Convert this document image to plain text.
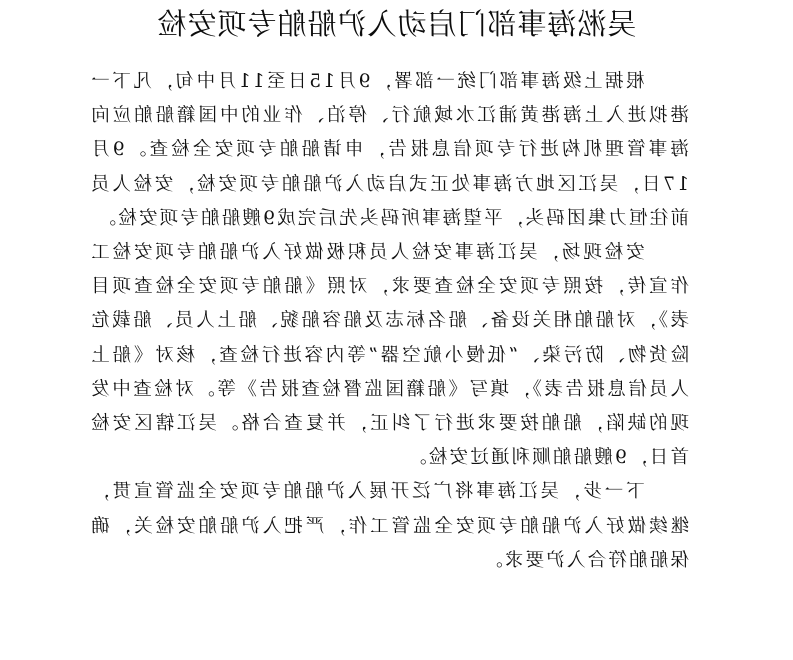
吴淞海事部门启动入沪船舶专项安检

根据上级海事部门统一部署，9月15日至11月中旬，凡下一港拟进入上海港黄浦江水域航行、停泊、作业的中国籍船舶应向海事管理机构进行专项信息报告，申请船舶专项安全检查。9月17日，吴江区地方海事处正式启动入沪船舶专项安检，安检人员前往恒力集团码头，平望海事所码头先后完成9艘船舶专项安检。

安检现场，吴江海事安检人员积极做好入沪船舶专项安检工作宣传，按照专项安全检查要求，对照《船舶专项安全检查项目表》，对船舶相关设备、船名标志及船容船貌、船上人员、船载危险货物、防污染、“低慢小航空器”等内容进行检查，核对《船上人员信息报告表》，填写《船籍国监督检查报告》等。对检查中发现的缺陷，船舶按要求进行了纠正，并复查合格。吴江辖区安检首日，9艘船舶顺利通过安检。

下一步，吴江海事将广泛开展入沪船舶专项安全监管宣贯，继续做好入沪船舶专项安全监管工作，严把入沪船舶安检关，确保船舶符合入沪要求。
